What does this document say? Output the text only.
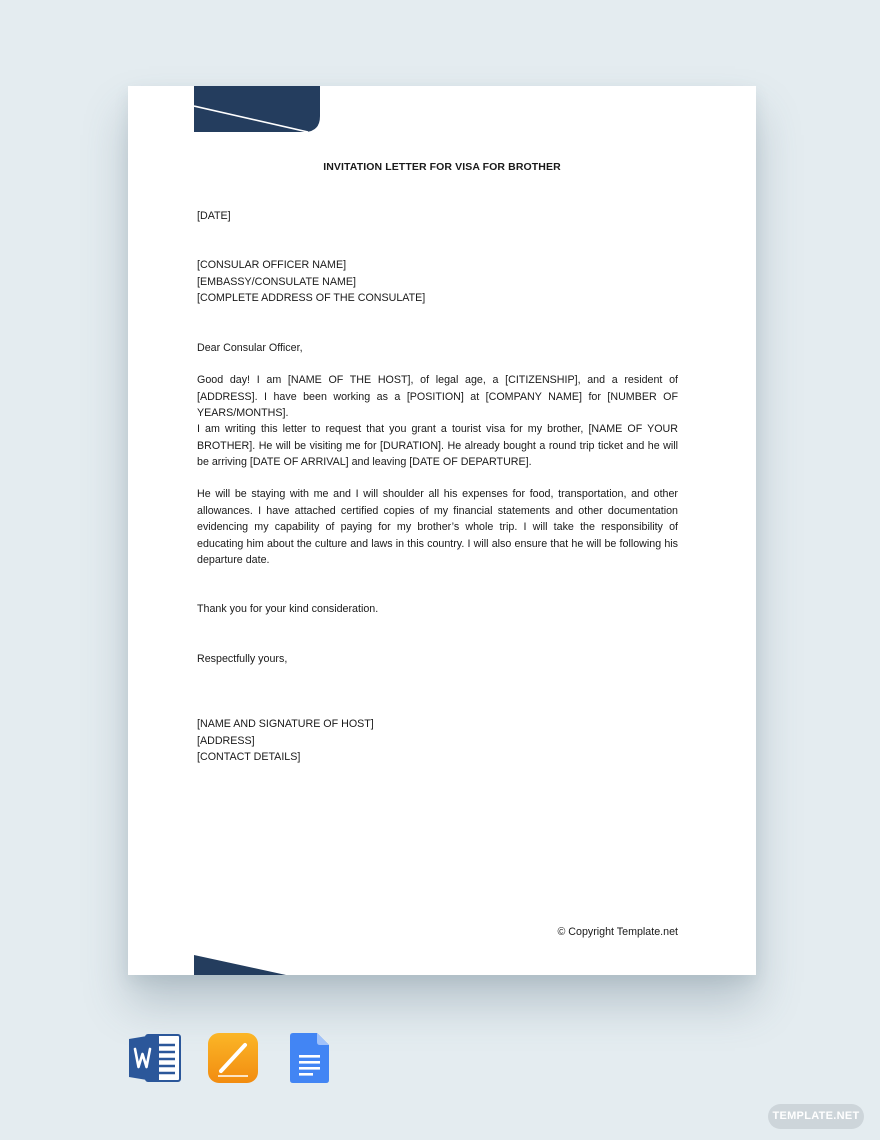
INVITATION LETTER FOR VISA FOR BROTHER
[DATE]
[CONSULAR OFFICER NAME]
[EMBASSY/CONSULATE NAME]
[COMPLETE ADDRESS OF THE CONSULATE]
Dear Consular Officer,
Good day! I am [NAME OF THE HOST], of legal age, a [CITIZENSHIP], and a resident of [ADDRESS]. I have been working as a [POSITION] at [COMPANY NAME] for [NUMBER OF YEARS/MONTHS].
I am writing this letter to request that you grant a tourist visa for my brother, [NAME OF YOUR BROTHER]. He will be visiting me for [DURATION]. He already bought a round trip ticket and he will be arriving [DATE OF ARRIVAL] and leaving [DATE OF DEPARTURE].
He will be staying with me and I will shoulder all his expenses for food, transportation, and other allowances. I have attached certified copies of my financial statements and other documentation evidencing my capability of paying for my brother’s whole trip. I will take the responsibility of educating him about the culture and laws in this country. I will also ensure that he will be following his departure date.
Thank you for your kind consideration.
Respectfully yours,
[NAME AND SIGNATURE OF HOST]
[ADDRESS]
[CONTACT DETAILS]
© Copyright Template.net
TEMPLATE.NET
